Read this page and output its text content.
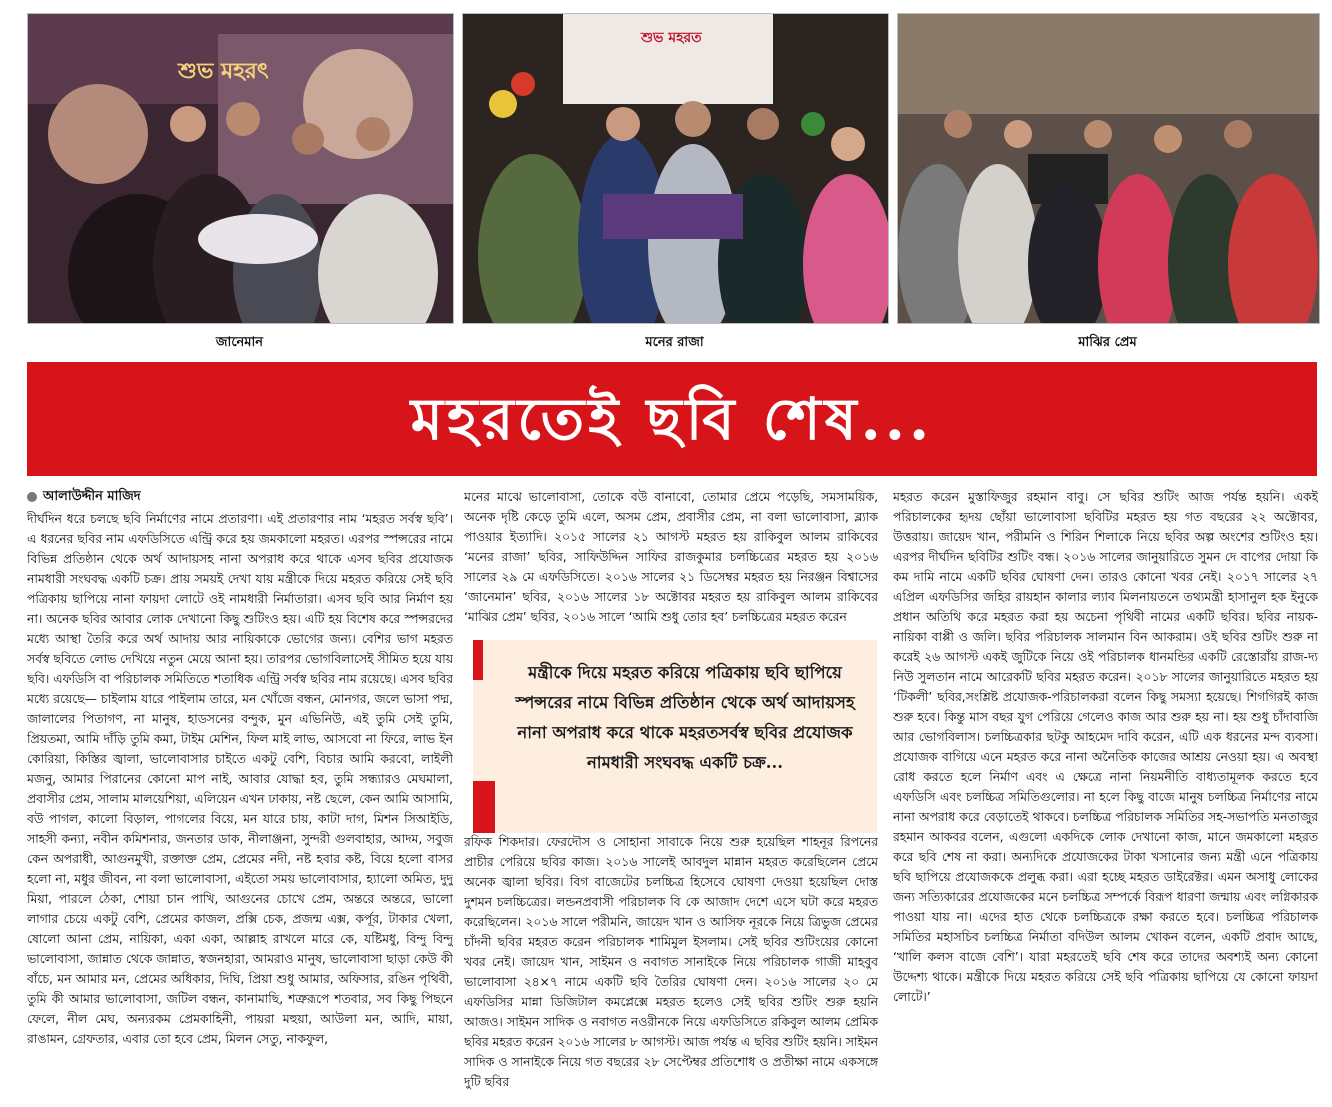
শুভ মহরৎ
জানেমান
শুভ মহরত
মনের রাজা	মাঝির প্রেম
মহরতেই ছবি শেষ...
আলাউদ্দীন মাজিদ

দীর্ঘদিন ধরে চলছে ছবি নির্মাণের নামে প্রতারণা। এই প্রতারণার নাম ‘মহরত সর্বস্ব ছবি’। এ ধরনের ছবির নাম এফডিসিতে এন্ট্রি করে হয় জমকালো মহরত। এরপর স্পন্সরের নামে বিভিন্ন প্রতিষ্ঠান থেকে অর্থ আদায়সহ নানা অপরাধ করে থাকে এসব ছবির প্রযোজক নামধারী সংঘবদ্ধ একটি চক্র। প্রায় সময়ই দেখা যায় মন্ত্রীকে দিয়ে মহরত করিয়ে সেই ছবি পত্রিকায় ছাপিয়ে নানা ফায়দা লোটে ওই নামধারী নির্মাতারা। এসব ছবি আর নির্মাণ হয় না। অনেক ছবির আবার লোক দেখানো কিছু শুটিংও হয়। এটি হয় বিশেষ করে স্পন্সরদের মধ্যে আস্থা তৈরি করে অর্থ আদায় আর নায়িকাকে ভোগের জন্য। বেশির ভাগ মহরত সর্বস্ব ছবিতে লোভ দেখিয়ে নতুন মেয়ে আনা হয়। তারপর ভোগবিলাসেই সীমিত হয়ে যায় ছবি। এফডিসি বা পরিচালক সমিতিতে শতাধিক এন্ট্রি সর্বস্ব ছবির নাম রয়েছে। এসব ছবির মধ্যে রয়েছে— চাইলাম যারে পাইলাম তারে, মন খোঁজে বন্ধন, মোনগর, জলে ভাসা পদ্ম, জালালের পিতাগণ, না মানুষ, হাডসনের বন্দুক, মুন এভিনিউ, এই তুমি সেই তুমি, প্রিয়তমা, আমি দাঁড়ি তুমি কমা, টাইম মেশিন, ফিল মাই লাভ, আসবো না ফিরে, লাভ ইন কোরিয়া, কিস্তির জ্বালা, ভালোবাসার চাইতে একটু বেশি, বিচার আমি করবো, লাইলী মজনু, আমার পিরানের কোনো মাপ নাই, আবার যোদ্ধা হব, তুমি সন্ধ্যারও মেঘমালা, প্রবাসীর প্রেম, সালাম মালয়েশিয়া, এলিয়েন এখন ঢাকায়, নষ্ট ছেলে, কেন আমি আসামি, বউ পাগল, কালো বিড়াল, পাগলের বিয়ে, মন যারে চায়, কাটা দাগ, মিশন সিআইডি, সাহসী কন্যা, নবীন কমিশনার, জনতার ডাক, নীলাঞ্জনা, সুন্দরী গুলবাহার, আদম, সবুজ কেন অপরাধী, আগুনমুখী, রক্তাক্ত প্রেম, প্রেমের নদী, নষ্ট হবার কষ্ট, বিয়ে হলো বাসর হলো না, মধুর জীবন, না বলা ভালোবাসা, এইতো সময় ভালোবাসার, হ্যালো অমিত, দুদু মিয়া, পারলে ঠেকা, শোয়া চান পাখি, আগুনের চোখে প্রেম, অন্তরে অন্তরে, ভালো লাগার চেয়ে একটু বেশি, প্রেমের কাজল, প্রক্সি চেক, প্রজন্ম এক্স, কর্পূর, টাকার খেলা, ষোলো আনা প্রেম, নায়িকা, একা একা, আল্লাহ রাখলে মারে কে, যষ্টিমধু, বিন্দু বিন্দু ভালোবাসা, জান্নাত থেকে জান্নাত, স্বজনহারা, আমরাও মানুষ, ভালোবাসা ছাড়া কেউ কী বাঁচে, মন আমার মন, প্রেমের অধিকার, দিঘি, প্রিয়া শুধু আমার, অফিসার, রঙিন পৃথিবী, তুমি কী আমার ভালোবাসা, জটিল বন্ধন, কানামাছি, শত্রুরূপে শতবার, সব কিছু পিছনে ফেলে, নীল মেঘ, অন্যরকম প্রেমকাহিনী, পায়রা মহুয়া, আউলা মন, আদি, মায়া, রাঙামন, গ্রেফতার, এবার তো হবে প্রেম, মিলন সেতু, নাকফুল,

মনের মাঝে ভালোবাসা, তোকে বউ বানাবো, তোমার প্রেমে পড়েছি, সমসাময়িক, অনেক দৃষ্টি কেড়ে তুমি এলে, অসম প্রেম, প্রবাসীর প্রেম, না বলা ভালোবাসা, ব্ল্যাক পাওয়ার ইত্যাদি। ২০১৫ সালের ২১ আগস্ট মহরত হয় রাকিবুল আলম রাকিবের ‘মনের রাজা’ ছবির, সাফিউদ্দিন সাফির রাজকুমার চলচ্চিত্রের মহরত হয় ২০১৬ সালের ২৯ মে এফডিসিতে। ২০১৬ সালের ২১ ডিসেম্বর মহরত হয় নিরঞ্জন বিশ্বাসের ‘জানেমান’ ছবির, ২০১৬ সালের ১৮ অক্টোবর মহরত হয় রাকিবুল আলম রাকিবের ‘মাঝির প্রেম’ ছবির, ২০১৬ সালে ‘আমি শুধু তোর হব’ চলচ্চিত্রের মহরত করেন

রফিক শিকদার। ফেরদৌস ও সোহানা সাবাকে নিয়ে শুরু হয়েছিল শাহনূর রিপনের প্রাচীর পেরিয়ে ছবির কাজ। ২০১৬ সালেই আবদুল মান্নান মহরত করেছিলেন প্রেমে অনেক জ্বালা ছবির। বিগ বাজেটের চলচ্চিত্র হিসেবে ঘোষণা দেওয়া হয়েছিল দোস্ত দুশমন চলচ্চিত্রের। লন্ডনপ্রবাসী পরিচালক বি কে আজাদ দেশে এসে ঘটা করে মহরত করেছিলেন। ২০১৬ সালে পরীমনি, জায়েদ খান ও আসিফ নূরকে নিয়ে ত্রিভুজ প্রেমের চাঁদনী ছবির মহরত করেন পরিচালক শামিমুল ইসলাম। সেই ছবির শুটিংয়ের কোনো খবর নেই। জায়েদ খান, সাইমন ও নবাগত সানাইকে নিয়ে পরিচালক গাজী মাহবুব ভালোবাসা ২৪×৭ নামে একটি ছবি তৈরির ঘোষণা দেন। ২০১৬ সালের ২০ মে এফডিসির মান্না ডিজিটাল কমপ্লেক্সে মহরত হলেও সেই ছবির শুটিং শুরু হয়নি আজও। সাইমন সাদিক ও নবাগত নওরীনকে নিয়ে এফডিসিতে রকিবুল আলম প্রেমিক ছবির মহরত করেন ২০১৬ সালের ৮ আগস্ট। আজ পর্যন্ত এ ছবির শুটিং হয়নি। সাইমন সাদিক ও সানাইকে নিয়ে গত বছরের ২৮ সেপ্টেম্বর প্রতিশোধ ও প্রতীক্ষা নামে একসঙ্গে দুটি ছবির

মন্ত্রীকে দিয়ে মহরত করিয়ে পত্রিকায় ছবি ছাপিয়ে স্পন্সরের নামে বিভিন্ন প্রতিষ্ঠান থেকে অর্থ আদায়সহ নানা অপরাধ করে থাকে মহরতসর্বস্ব ছবির প্রযোজক নামধারী সংঘবদ্ধ একটি চক্র...

মহরত করেন মুস্তাফিজুর রহমান বাবু। সে ছবির শুটিং আজ পর্যন্ত হয়নি। একই পরিচালকের হৃদয় ছোঁয়া ভালোবাসা ছবিটির মহরত হয় গত বছরের ২২ অক্টোবর, উত্তরায়। জায়েদ খান, পরীমনি ও শিরিন শিলাকে নিয়ে ছবির অল্প অংশের শুটিংও হয়। এরপর দীর্ঘদিন ছবিটির শুটিং বন্ধ। ২০১৬ সালের জানুয়ারিতে সুমন দে বাপের দোয়া কি কম দামি নামে একটি ছবির ঘোষণা দেন। তারও কোনো খবর নেই। ২০১৭ সালের ২৭ এপ্রিল এফডিসির জহির রায়হান কালার ল্যাব মিলনায়তনে তথ্যমন্ত্রী হাসানুল হক ইনুকে প্রধান অতিথি করে মহরত করা হয় অচেনা পৃথিবী নামের একটি ছবির। ছবির নায়ক-নায়িকা বাপ্পী ও জলি। ছবির পরিচালক সালমান বিন আকরাম। ওই ছবির শুটিং শুরু না করেই ২৬ আগস্ট একই জুটিকে নিয়ে ওই পরিচালক ধানমন্ডির একটি রেস্তোরাঁয় রাজ-দ্য নিউ সুলতান নামে আরেকটি ছবির মহরত করেন। ২০১৮ সালের জানুয়ারিতে মহরত হয় ‘টিকলী’ ছবির,সংশ্লিষ্ট প্রযোজক-পরিচালকরা বলেন কিছু সমস্যা হয়েছে। শিগগিরই কাজ শুরু হবে। কিন্তু মাস বছর যুগ পেরিয়ে গেলেও কাজ আর শুরু হয় না। হয় শুধু চাঁদাবাজি আর ভোগবিলাস। চলচ্চিত্রকার ছটকু আহমেদ দাবি করেন, এটি এক ধরনের মন্দ ব্যবসা। প্রযোজক বাগিয়ে এনে মহরত করে নানা অনৈতিক কাজের আশ্রয় নেওয়া হয়। এ অবস্থা রোধ করতে হলে নির্মাণ এবং এ ক্ষেত্রে নানা নিয়মনীতি বাধ্যতামূলক করতে হবে এফডিসি এবং চলচ্চিত্র সমিতিগুলোর। না হলে কিছু বাজে মানুষ চলচ্চিত্র নির্মাণের নামে নানা অপরাধ করে বেড়াতেই থাকবে। চলচ্চিত্র পরিচালক সমিতির সহ-সভাপতি মনতাজুর রহমান আকবর বলেন, এগুলো একদিকে লোক দেখানো কাজ, মানে জমকালো মহরত করে ছবি শেষ না করা। অন্যদিকে প্রযোজকের টাকা খসানোর জন্য মন্ত্রী এনে পত্রিকায় ছবি ছাপিয়ে প্রযোজককে প্রলুব্ধ করা। এরা হচ্ছে মহরত ডাইরেক্টর। এমন অসাধু লোকের জন্য সত্যিকারের প্রযোজকের মনে চলচ্চিত্র সম্পর্কে বিরূপ ধারণা জন্মায় এবং লগ্নিকারক পাওয়া যায় না। এদের হাত থেকে চলচ্চিত্রকে রক্ষা করতে হবে। চলচ্চিত্র পরিচালক সমিতির মহাসচিব চলচ্চিত্র নির্মাতা বদিউল আলম খোকন বলেন, একটি প্রবাদ আছে, ‘খালি কলস বাজে বেশি’। যারা মহরতেই ছবি শেষ করে তাদের অবশ্যই অন্য কোনো উদ্দেশ্য থাকে। মন্ত্রীকে দিয়ে মহরত করিয়ে সেই ছবি পত্রিকায় ছাপিয়ে যে কোনো ফায়দা লোটে।’
